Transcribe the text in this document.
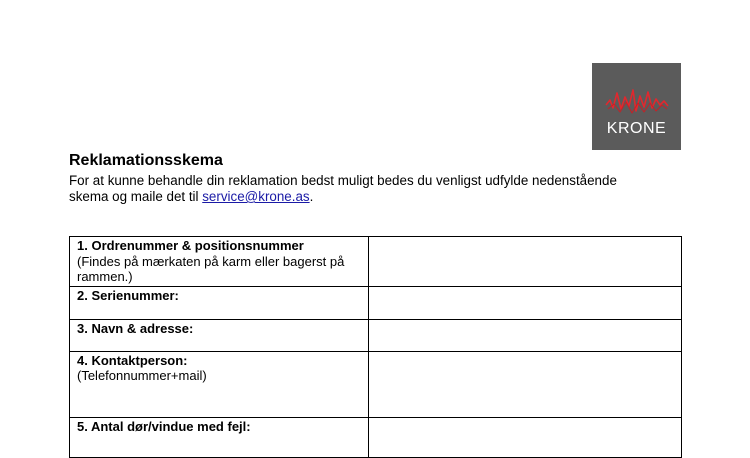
KRONE
Reklamationsskema
For at kunne behandle din reklamation bedst muligt bedes du venligst udfylde nedenstående skema og maile det til service@krone.as.
1. Ordrenummer & positionsnummer
(Findes på mærkaten på karm eller bagerst på rammen.)	

2. Serienummer:	

3. Navn & adresse:	

4. Kontaktperson:
(Telefonnummer+mail)	

5. Antal dør/vindue med fejl:	
